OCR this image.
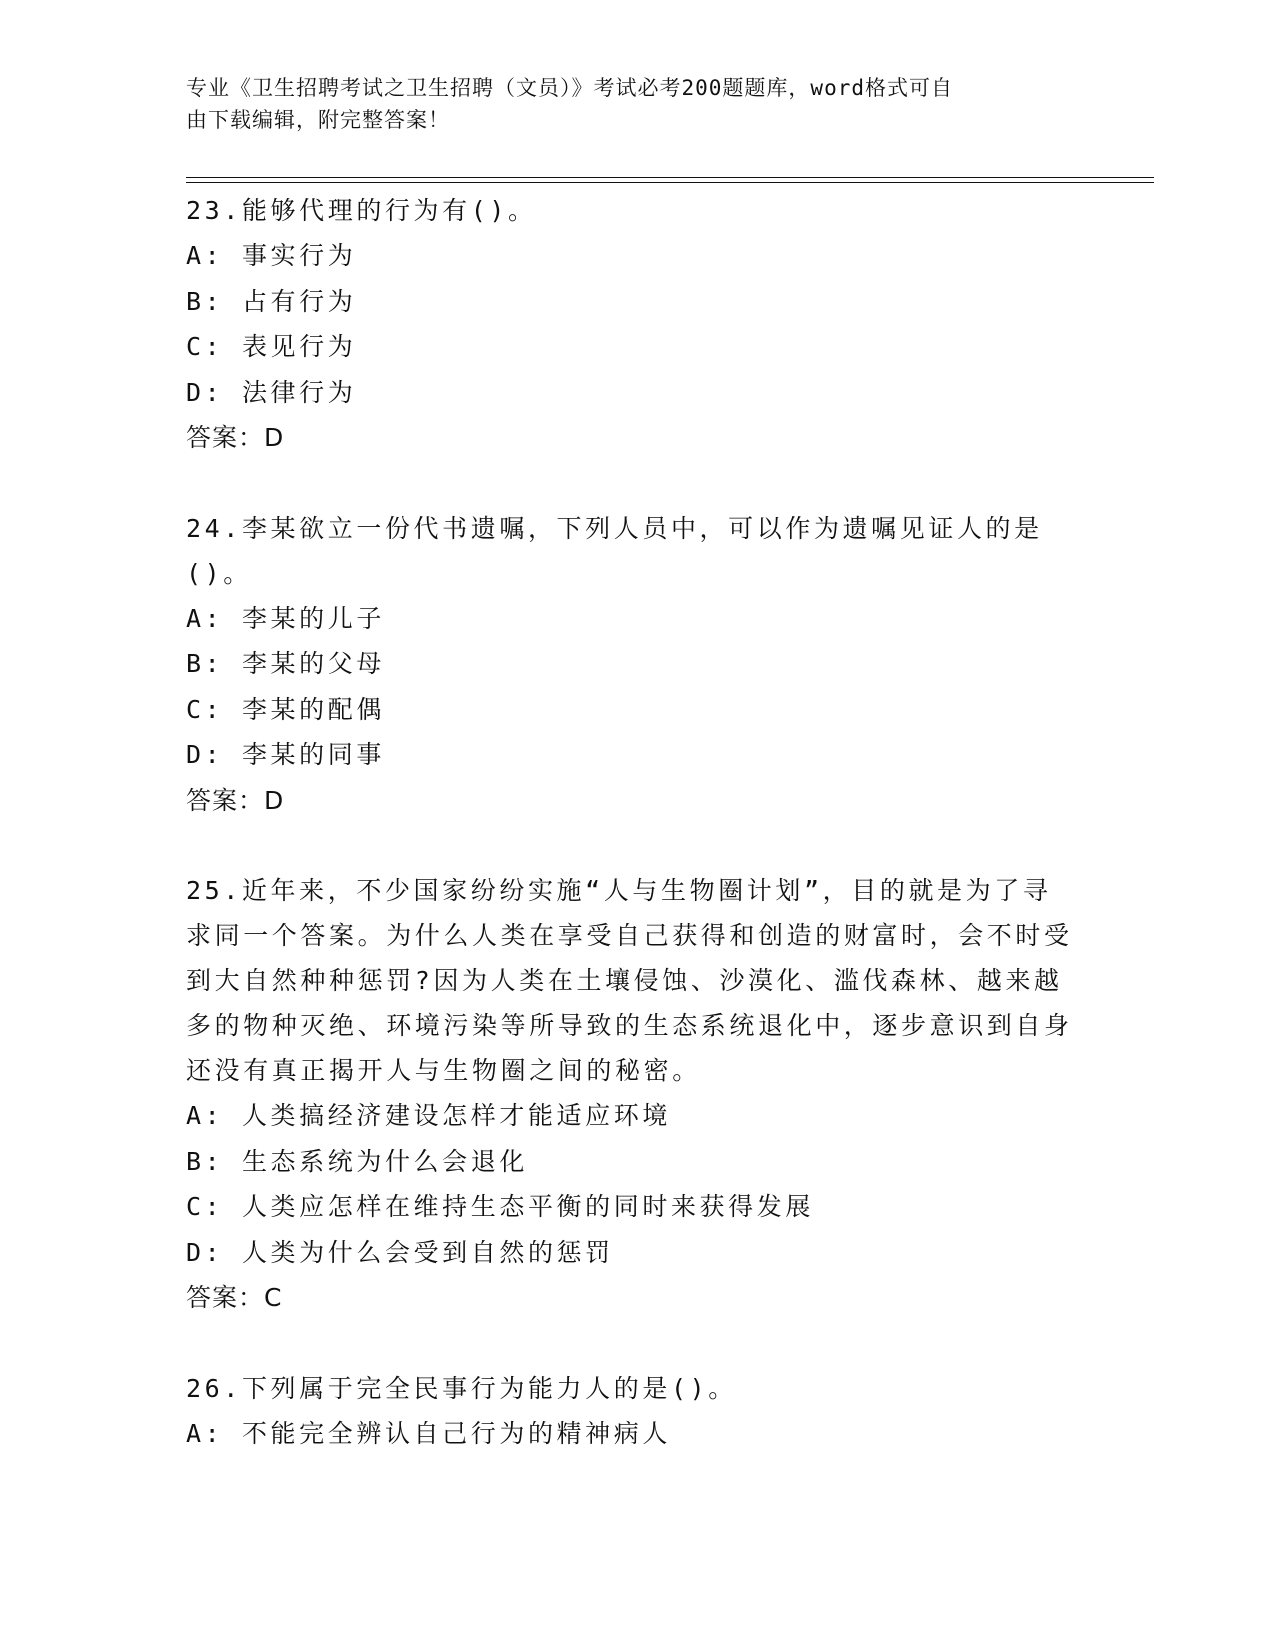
专业《卫生招聘考试之卫生招聘（文员）》考试必考200题题库，word格式可自
由下载编辑，附完整答案！
23.能够代理的行为有()。
A: 事实行为
B: 占有行为
C: 表见行为
D: 法律行为
答案：D
24.李某欲立一份代书遗嘱，下列人员中，可以作为遗嘱见证人的是()。
A: 李某的儿子
B: 李某的父母
C: 李某的配偶
D: 李某的同事
答案：D
25.近年来，不少国家纷纷实施“人与生物圈计划”，目的就是为了寻求同一个答案。为什么人类在享受自己获得和创造的财富时，会不时受到大自然种种惩罚?因为人类在土壤侵蚀、沙漠化、滥伐森林、越来越多的物种灭绝、环境污染等所导致的生态系统退化中，逐步意识到自身还没有真正揭开人与生物圈之间的秘密。
A: 人类搞经济建设怎样才能适应环境
B: 生态系统为什么会退化
C: 人类应怎样在维持生态平衡的同时来获得发展
D: 人类为什么会受到自然的惩罚
答案：C
26.下列属于完全民事行为能力人的是()。
A: 不能完全辨认自己行为的精神病人
